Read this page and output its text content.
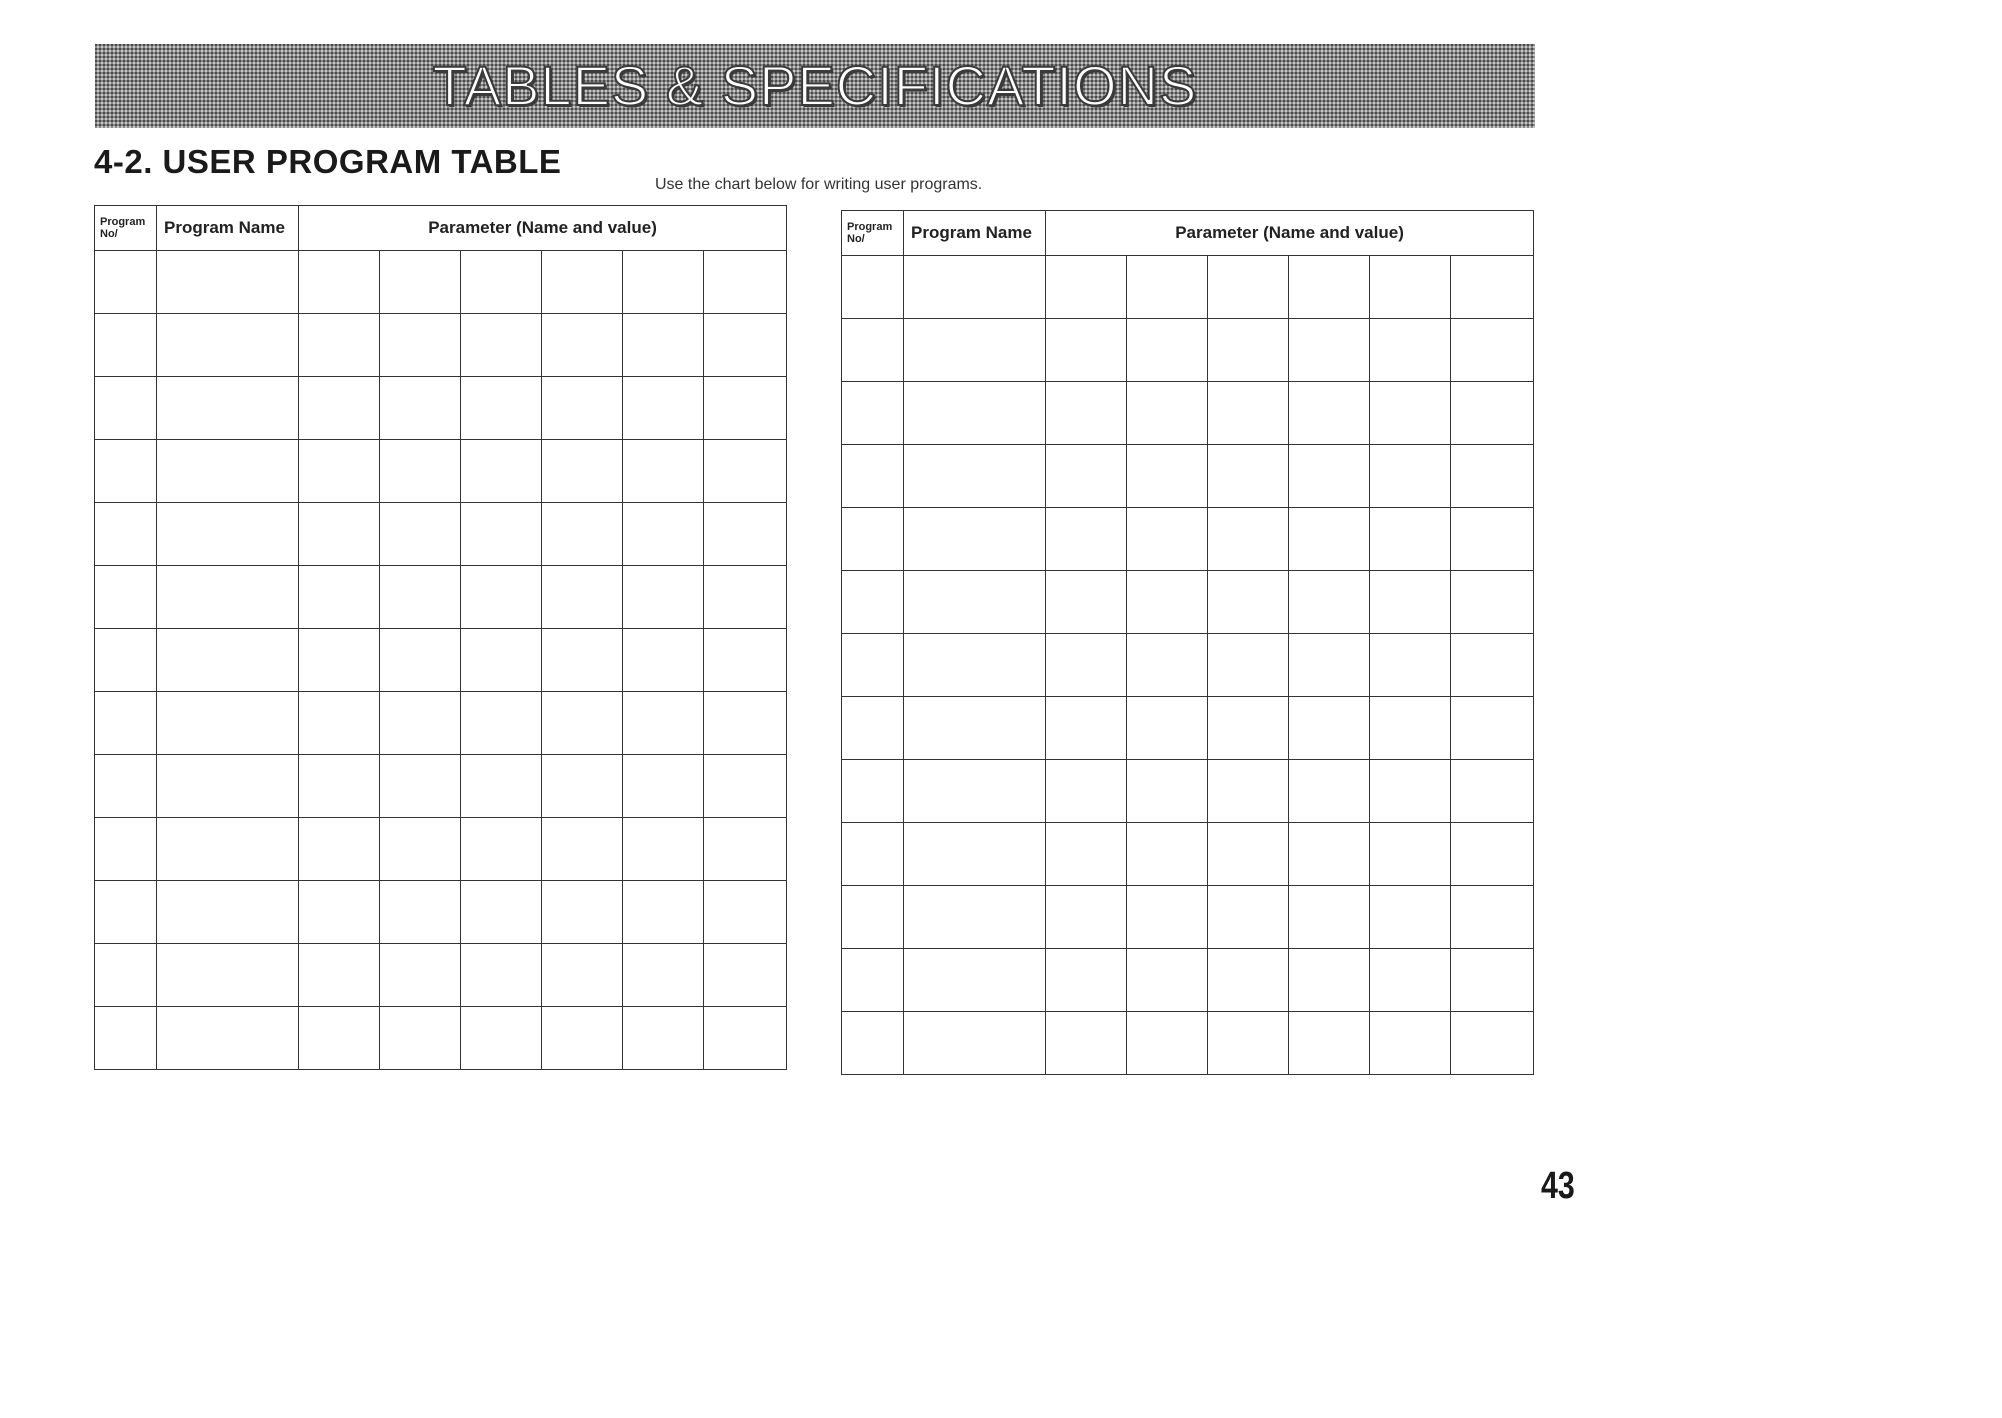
TABLES & SPECIFICATIONS
4-2. USER PROGRAM TABLE
Use the chart below for writing user programs.
Program No/	Program Name	Parameter (Name and value)					

								Program No/	Program Name	Parameter (Name and value)					

43
